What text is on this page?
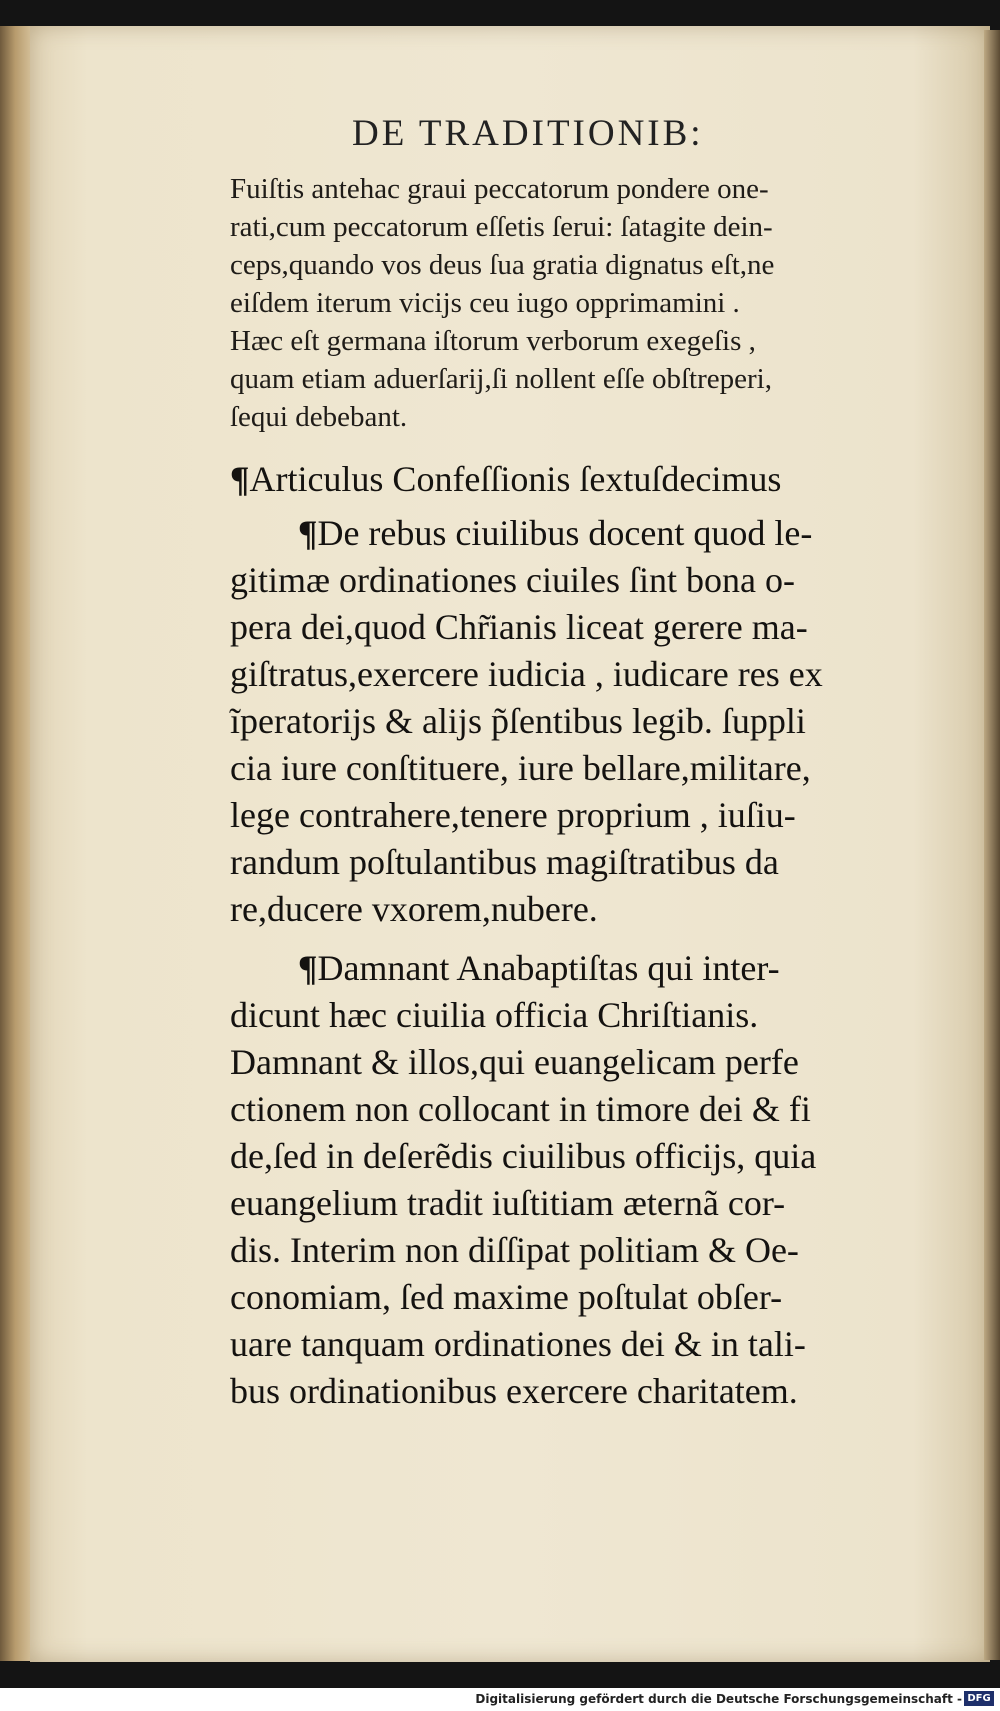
DE TRADITIONIB:
Fuiſtis antehac graui peccatorum pondere one-
rati,cum peccatorum eſſetis ſerui: ſatagite dein-
ceps,quando vos deus ſua gratia dignatus eſt,ne
eiſdem iterum vicijs ceu iugo opprimamini .
Hæc eſt germana iſtorum verborum exegeſis ,
quam etiam aduerſarij,ſi nollent eſſe obſtreperi,
ſequi debebant.
¶Articulus Confeſſionis ſextuſdecimus
¶De rebus ciuilibus docent quod le-
gitimæ ordinationes ciuiles ſint bona o-
pera dei,quod Chr̃ianis liceat gerere ma-
giſtratus,exercere iudicia , iudicare res ex
ĩperatorijs & alijs p̃ſentibus legib. ſuppli
cia iure conſtituere, iure bellare,militare,
lege contrahere,tenere proprium , iuſiu-
randum poſtulantibus magiſtratibus da
re,ducere vxorem,nubere.
¶Damnant Anabaptiſtas qui inter-
dicunt hæc ciuilia officia Chriſtianis.
Damnant & illos,qui euangelicam perfe
ctionem non collocant in timore dei & fi
de,ſed in deſerẽdis ciuilibus officijs, quia
euangelium tradit iuſtitiam æternã cor-
dis. Interim non diſſipat politiam & Oe-
conomiam, ſed maxime poſtulat obſer-
uare tanquam ordinationes dei & in tali-
bus ordinationibus exercere charitatem.
Digitalisierung gefördert durch die Deutsche Forschungsgemeinschaft - DFG
